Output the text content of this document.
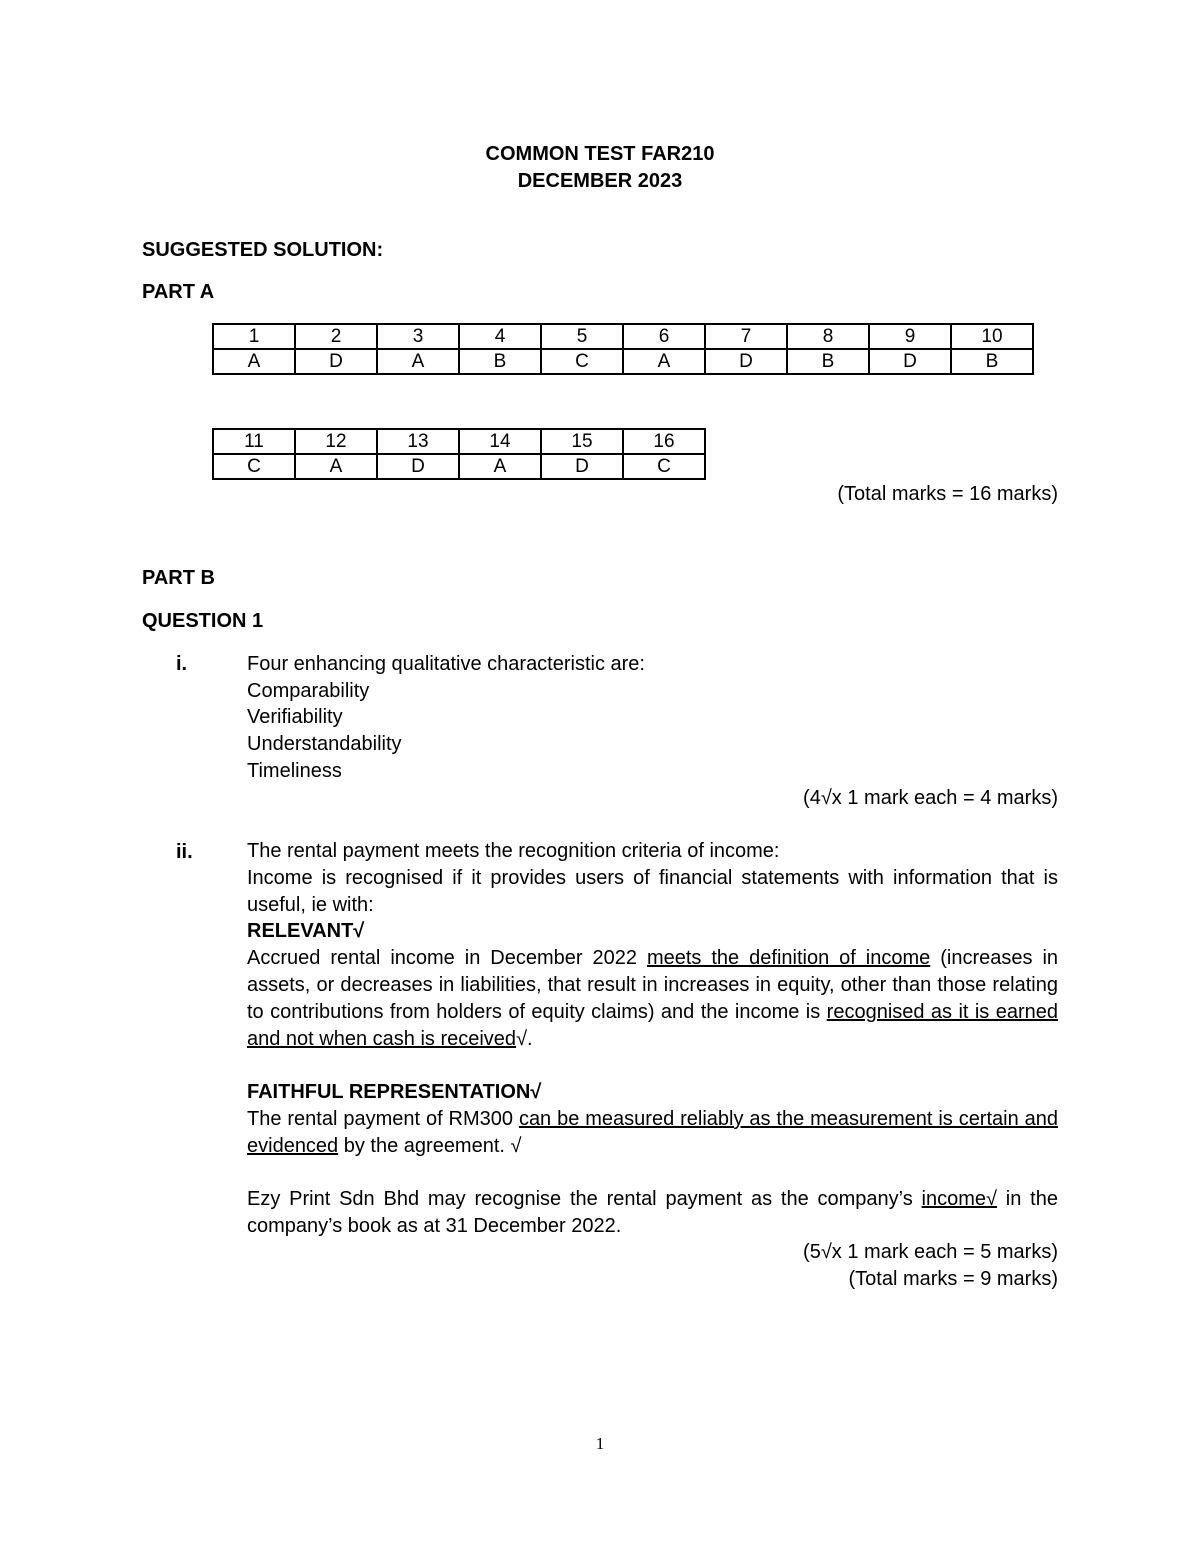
COMMON TEST FAR210
DECEMBER 2023
SUGGESTED SOLUTION:
PART A
1	2	3	4	5	6	7	8	9	10
A	D	A	B	C	A	D	B	D	B
11	12	13	14	15	16
C	A	D	A	D	C
(Total marks = 16 marks)
PART B
QUESTION 1
i.	Four enhancing qualitative characteristic are:
Comparability
Verifiability
Understandability
Timeliness
(4√x 1 mark each = 4 marks)
ii.	The rental payment meets the recognition criteria of income:

Income is recognised if it provides users of financial statements with information that is useful, ie with:

RELEVANT√

Accrued rental income in December 2022 meets the definition of income (increases in assets, or decreases in liabilities, that result in increases in equity, other than those relating to contributions from holders of equity claims) and the income is recognised as it is earned and not when cash is received√.

FAITHFUL REPRESENTATION√

The rental payment of RM300 can be measured reliably as the measurement is certain and evidenced by the agreement. √

Ezy Print Sdn Bhd may recognise the rental payment as the company’s income√ in the company’s book as at 31 December 2022.

(5√x 1 mark each = 5 marks)
(Total marks = 9 marks)
1
